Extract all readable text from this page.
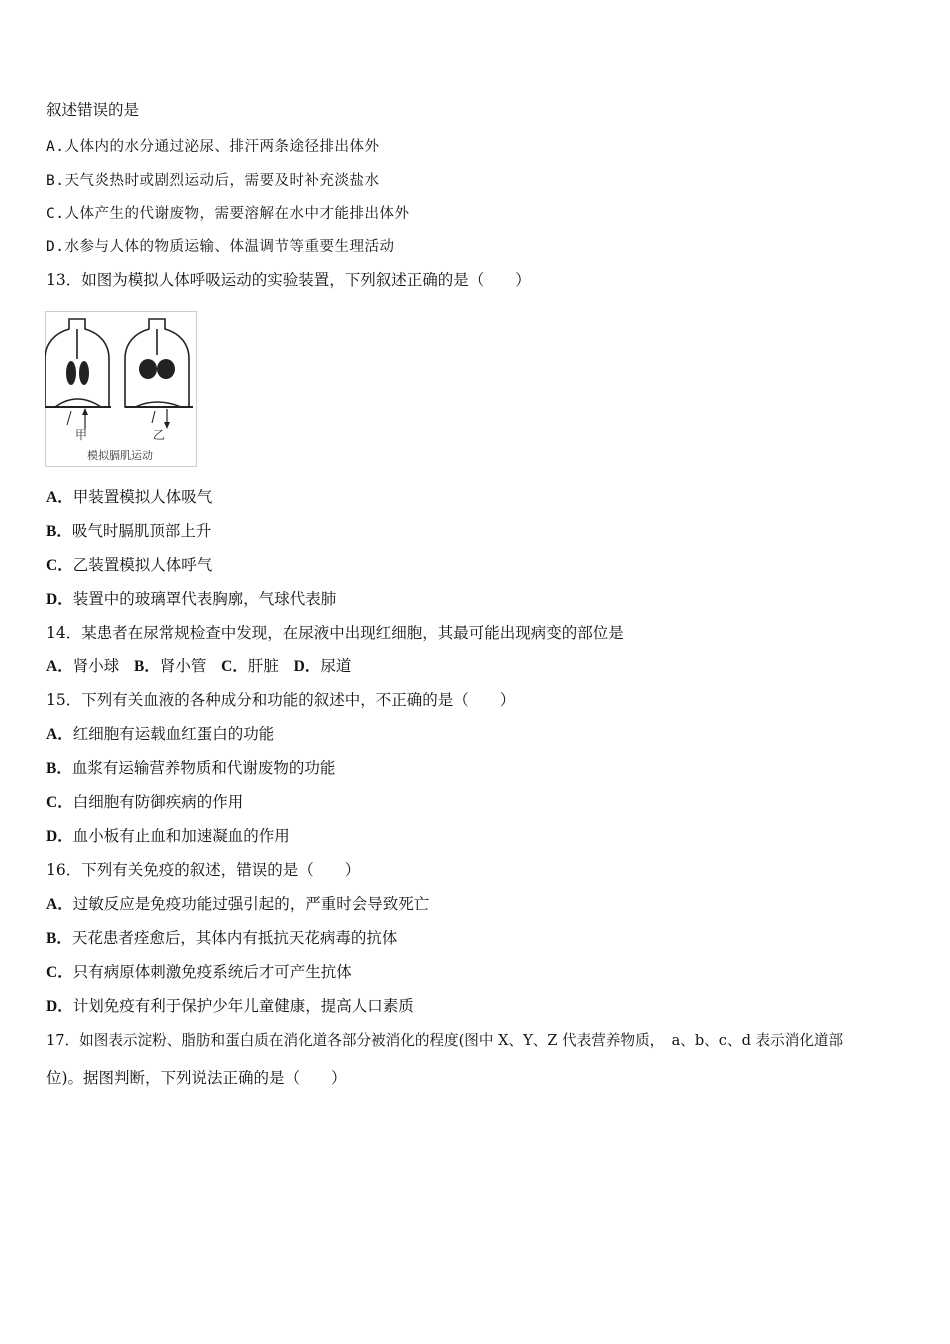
叙述错误的是
A.人体内的水分通过泌尿、排汗两条途径排出体外
B.天气炎热时或剧烈运动后，需要及时补充淡盐水
C.人体产生的代谢废物，需要溶解在水中才能排出体外
D.水参与人体的物质运输、体温调节等重要生理活动
13．如图为模拟人体呼吸运动的实验装置，下列叙述正确的是（　　）
甲	乙
模拟膈肌运动
A．甲装置模拟人体吸气
B．吸气时膈肌顶部上升
C．乙装置模拟人体呼气
D．装置中的玻璃罩代表胸廓，气球代表肺
14．某患者在尿常规检查中发现，在尿液中出现红细胞，其最可能出现病变的部位是
A．肾小球 B．肾小管 C．肝脏 D．尿道
15．下列有关血液的各种成分和功能的叙述中，不正确的是（　　）
A．红细胞有运载血红蛋白的功能
B．血浆有运输营养物质和代谢废物的功能
C．白细胞有防御疾病的作用
D．血小板有止血和加速凝血的作用
16．下列有关免疫的叙述，错误的是（　　）
A．过敏反应是免疫功能过强引起的，严重时会导致死亡
B．天花患者痊愈后，其体内有抵抗天花病毒的抗体
C．只有病原体刺激免疫系统后才可产生抗体
D．计划免疫有利于保护少年儿童健康，提高人口素质
17．如图表示淀粉、脂肪和蛋白质在消化道各部分被消化的程度(图中 X、Y、Z 代表营养物质，　a、b、c、d 表示消化道部
位)。据图判断，下列说法正确的是（　　）
